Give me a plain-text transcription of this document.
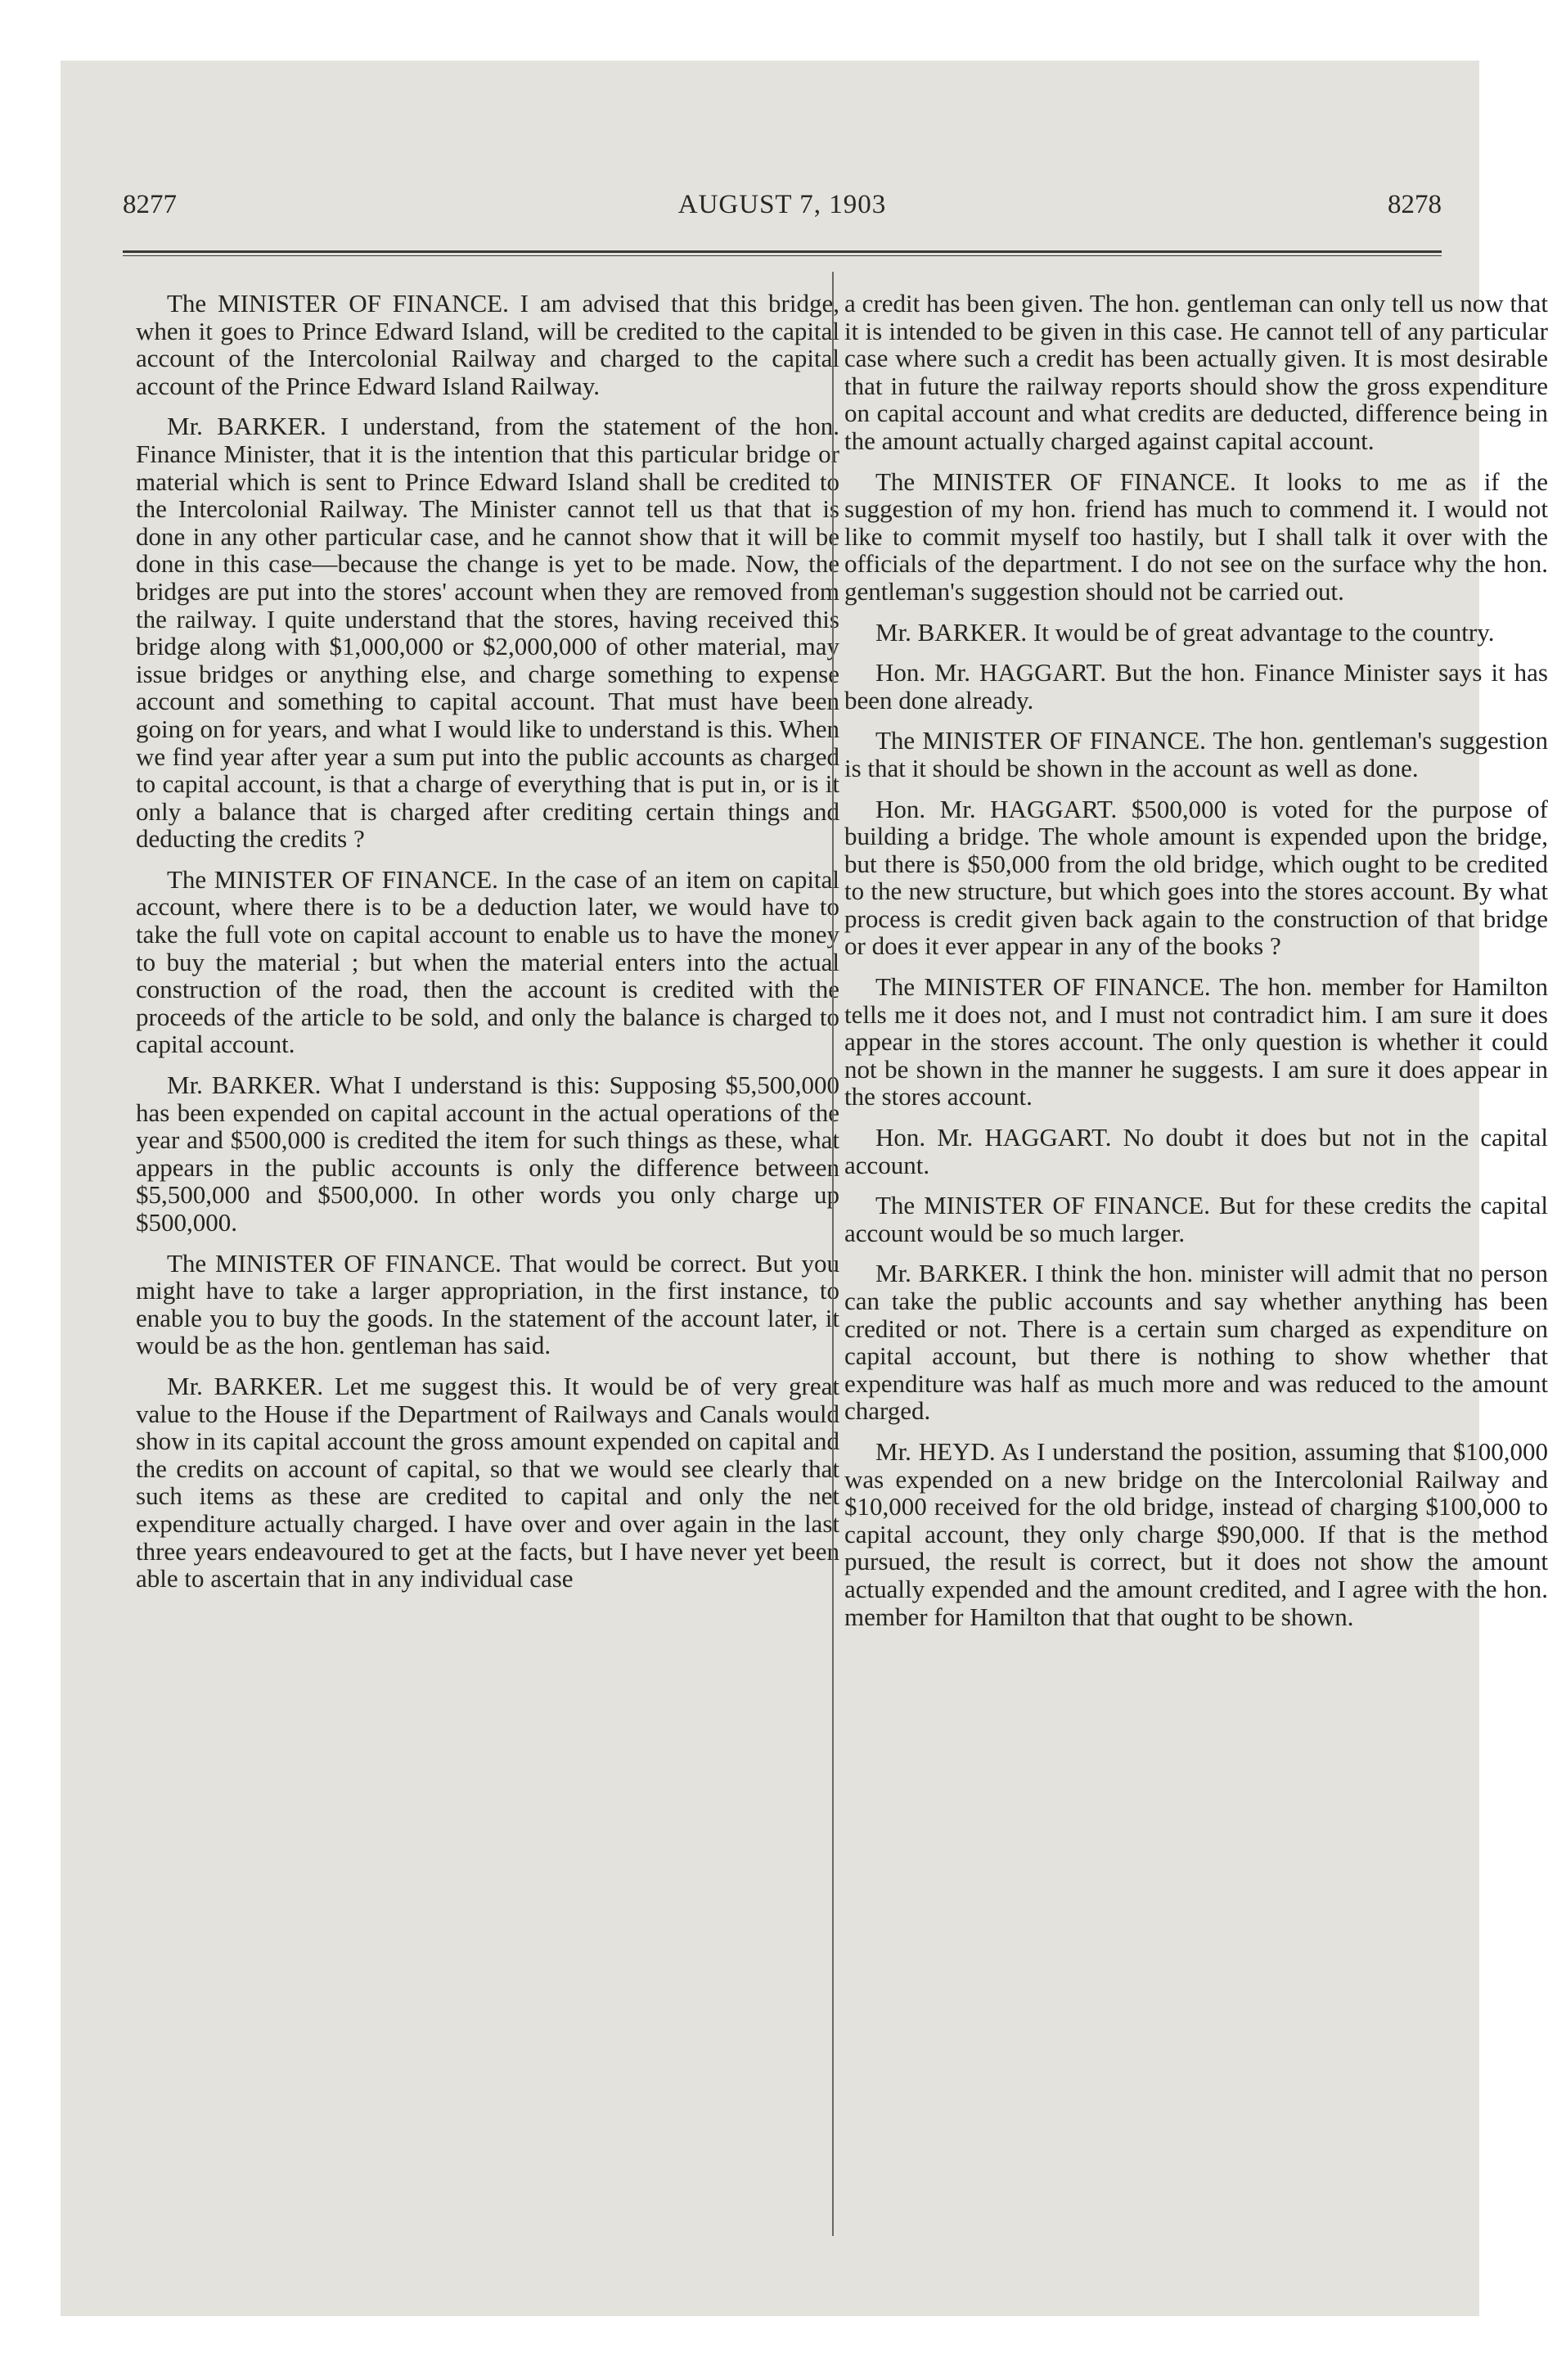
8277	AUGUST 7, 1903	8278

The MINISTER OF FINANCE. I am advised that this bridge, when it goes to Prince Edward Island, will be credited to the capital account of the Intercolonial Railway and charged to the capital account of the Prince Edward Island Railway.

Mr. BARKER. I understand, from the statement of the hon. Finance Minister, that it is the intention that this particular bridge or material which is sent to Prince Edward Island shall be credited to the Intercolonial Railway. The Minister cannot tell us that that is done in any other particular case, and he cannot show that it will be done in this case—because the change is yet to be made. Now, the bridges are put into the stores' account when they are removed from the railway. I quite understand that the stores, having received this bridge along with $1,000,000 or $2,000,000 of other material, may issue bridges or anything else, and charge something to expense account and something to capital account. That must have been going on for years, and what I would like to understand is this. When we find year after year a sum put into the public accounts as charged to capital account, is that a charge of everything that is put in, or is it only a balance that is charged after crediting certain things and deducting the credits ?

The MINISTER OF FINANCE. In the case of an item on capital account, where there is to be a deduction later, we would have to take the full vote on capital account to enable us to have the money to buy the material ; but when the material enters into the actual construction of the road, then the account is credited with the proceeds of the article to be sold, and only the balance is charged to capital account.

Mr. BARKER. What I understand is this: Supposing $5,500,000 has been expended on capital account in the actual operations of the year and $500,000 is credited the item for such things as these, what appears in the public accounts is only the difference between $5,500,000 and $500,000. In other words you only charge up $500,000.

The MINISTER OF FINANCE. That would be correct. But you might have to take a larger appropriation, in the first instance, to enable you to buy the goods. In the statement of the account later, it would be as the hon. gentleman has said.

Mr. BARKER. Let me suggest this. It would be of very great value to the House if the Department of Railways and Canals would show in its capital account the gross amount expended on capital and the credits on account of capital, so that we would see clearly that such items as these are credited to capital and only the net expenditure actually charged. I have over and over again in the last three years endeavoured to get at the facts, but I have never yet been able to ascertain that in any individual case

a credit has been given. The hon. gentleman can only tell us now that it is intended to be given in this case. He cannot tell of any particular case where such a credit has been actually given. It is most desirable that in future the railway reports should show the gross expenditure on capital account and what credits are deducted, difference being in the amount actually charged against capital account.

The MINISTER OF FINANCE. It looks to me as if the suggestion of my hon. friend has much to commend it. I would not like to commit myself too hastily, but I shall talk it over with the officials of the department. I do not see on the surface why the hon. gentleman's suggestion should not be carried out.

Mr. BARKER. It would be of great advantage to the country.

Hon. Mr. HAGGART. But the hon. Finance Minister says it has been done already.

The MINISTER OF FINANCE. The hon. gentleman's suggestion is that it should be shown in the account as well as done.

Hon. Mr. HAGGART. $500,000 is voted for the purpose of building a bridge. The whole amount is expended upon the bridge, but there is $50,000 from the old bridge, which ought to be credited to the new structure, but which goes into the stores account. By what process is credit given back again to the construction of that bridge or does it ever appear in any of the books ?

The MINISTER OF FINANCE. The hon. member for Hamilton tells me it does not, and I must not contradict him. I am sure it does appear in the stores account. The only question is whether it could not be shown in the manner he suggests. I am sure it does appear in the stores account.

Hon. Mr. HAGGART. No doubt it does but not in the capital account.

The MINISTER OF FINANCE. But for these credits the capital account would be so much larger.

Mr. BARKER. I think the hon. minister will admit that no person can take the public accounts and say whether anything has been credited or not. There is a certain sum charged as expenditure on capital account, but there is nothing to show whether that expenditure was half as much more and was reduced to the amount charged.

Mr. HEYD. As I understand the position, assuming that $100,000 was expended on a new bridge on the Intercolonial Railway and $10,000 received for the old bridge, instead of charging $100,000 to capital account, they only charge $90,000. If that is the method pursued, the result is correct, but it does not show the amount actually expended and the amount credited, and I agree with the hon. member for Hamilton that that ought to be shown.
